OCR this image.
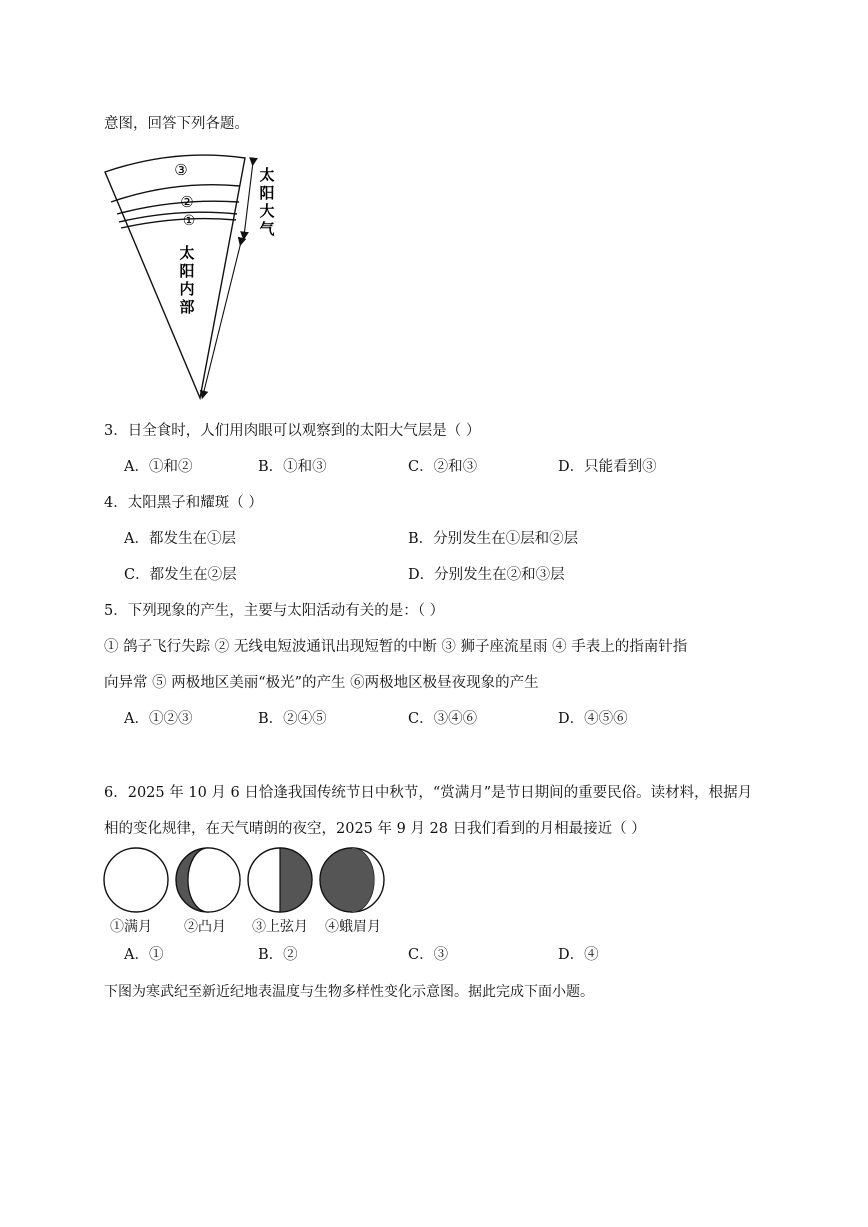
意图，回答下列各题。
③
②
①
太
阳
内
部
太
阳
大
气
3．日全食时，人们用肉眼可以观察到的太阳大气层是（ ）
A．①和②	B．①和③	C．②和③	D．只能看到③
4．太阳黑子和耀斑（ ）
A．都发生在①层	B．分别发生在①层和②层
C．都发生在②层	D．分别发生在②和③层
5．下列现象的产生，主要与太阳活动有关的是：（ ）
① 鸽子飞行失踪 ② 无线电短波通讯出现短暂的中断 ③ 狮子座流星雨 ④ 手表上的指南针指
向异常 ⑤ 两极地区美丽“极光”的产生 ⑥两极地区极昼夜现象的产生
A．①②③	B．②④⑤	C．③④⑥	D．④⑤⑥
6．2025 年 10 月 6 日恰逢我国传统节日中秋节，“赏满月”是节日期间的重要民俗。读材料，根据月
相的变化规律，在天气晴朗的夜空，2025 年 9 月 28 日我们看到的月相最接近（ ）
①满月 ②凸月 ③上弦月 ④蛾眉月
A．①	B．②	C．③	D．④
下图为寒武纪至新近纪地表温度与生物多样性变化示意图。据此完成下面小题。
